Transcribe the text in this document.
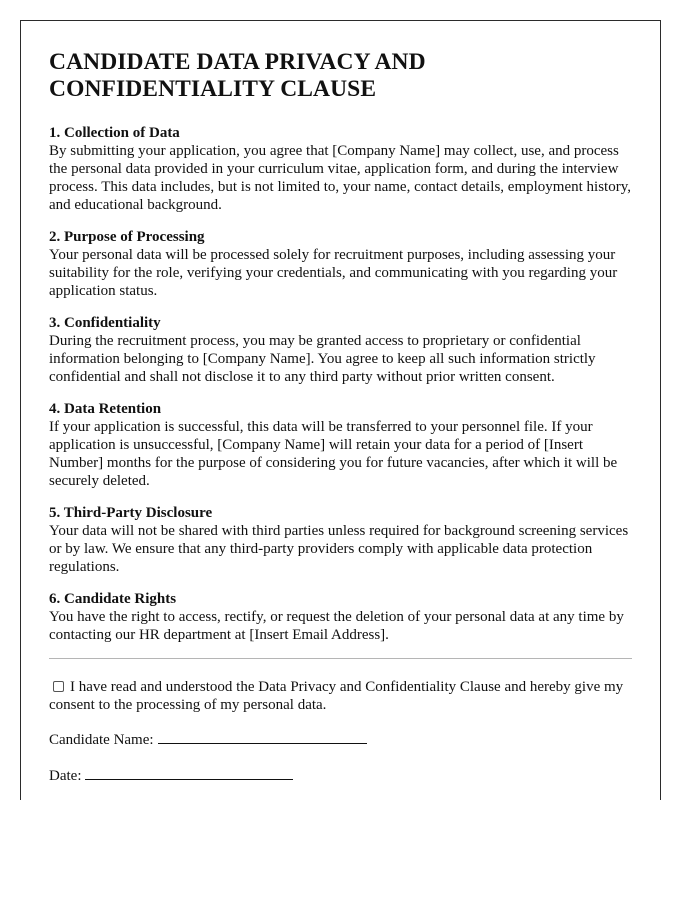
CANDIDATE DATA PRIVACY AND CONFIDENTIALITY CLAUSE

1. Collection of Data

By submitting your application, you agree that [Company Name] may collect, use, and process the personal data provided in your curriculum vitae, application form, and during the interview process. This data includes, but is not limited to, your name, contact details, employment history, and educational background.

2. Purpose of Processing

Your personal data will be processed solely for recruitment purposes, including assessing your suitability for the role, verifying your credentials, and communicating with you regarding your application status.

3. Confidentiality

During the recruitment process, you may be granted access to proprietary or confidential information belonging to [Company Name]. You agree to keep all such information strictly confidential and shall not disclose it to any third party without prior written consent.

4. Data Retention

If your application is successful, this data will be transferred to your personnel file. If your application is unsuccessful, [Company Name] will retain your data for a period of [Insert Number] months for the purpose of considering you for future vacancies, after which it will be securely deleted.

5. Third-Party Disclosure

Your data will not be shared with third parties unless required for background screening services or by law. We ensure that any third-party providers comply with applicable data protection regulations.

6. Candidate Rights

You have the right to access, rectify, or request the deletion of your personal data at any time by contacting our HR department at [Insert Email Address].

I have read and understood the Data Privacy and Confidentiality Clause and hereby give my consent to the processing of my personal data.

Candidate Name:
Date:
